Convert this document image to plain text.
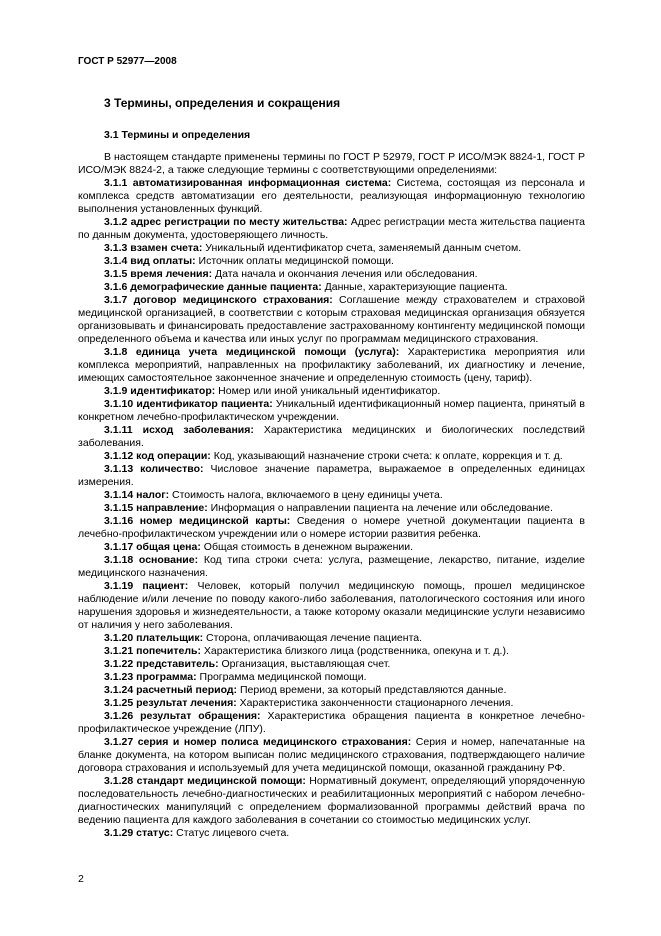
ГОСТ Р 52977—2008
3 Термины, определения и сокращения
3.1 Термины и определения

В настоящем стандарте применены термины по ГОСТ Р 52979, ГОСТ Р ИСО/МЭК 8824-1, ГОСТ Р ИСО/МЭК 8824-2, а также следующие термины с соответствующими определениями:

3.1.1 автоматизированная информационная система: Система, состоящая из персонала и комплекса средств автоматизации его деятельности, реализующая информационную технологию выполнения установленных функций.

3.1.2 адрес регистрации по месту жительства: Адрес регистрации места жительства пациента по данным документа, удостоверяющего личность.

3.1.3 взамен счета: Уникальный идентификатор счета, заменяемый данным счетом.

3.1.4 вид оплаты: Источник оплаты медицинской помощи.

3.1.5 время лечения: Дата начала и окончания лечения или обследования.

3.1.6 демографические данные пациента: Данные, характеризующие пациента.

3.1.7 договор медицинского страхования: Соглашение между страхователем и страховой медицинской организацией, в соответствии с которым страховая медицинская организация обязуется организовывать и финансировать предоставление застрахованному контингенту медицинской помощи определенного объема и качества или иных услуг по программам медицинского страхования.

3.1.8 единица учета медицинской помощи (услуга): Характеристика мероприятия или комплекса мероприятий, направленных на профилактику заболеваний, их диагностику и лечение, имеющих самостоятельное законченное значение и определенную стоимость (цену, тариф).

3.1.9 идентификатор: Номер или иной уникальный идентификатор.

3.1.10 идентификатор пациента: Уникальный идентификационный номер пациента, принятый в конкретном лечебно-профилактическом учреждении.

3.1.11 исход заболевания: Характеристика медицинских и биологических последствий заболевания.

3.1.12 код операции: Код, указывающий назначение строки счета: к оплате, коррекция и т. д.

3.1.13 количество: Числовое значение параметра, выражаемое в определенных единицах измерения.

3.1.14 налог: Стоимость налога, включаемого в цену единицы учета.

3.1.15 направление: Информация о направлении пациента на лечение или обследование.

3.1.16 номер медицинской карты: Сведения о номере учетной документации пациента в лечебно-профилактическом учреждении или о номере истории развития ребенка.

3.1.17 общая цена: Общая стоимость в денежном выражении.

3.1.18 основание: Код типа строки счета: услуга, размещение, лекарство, питание, изделие медицинского назначения.

3.1.19 пациент: Человек, который получил медицинскую помощь, прошел медицинское наблюдение и/или лечение по поводу какого-либо заболевания, патологического состояния или иного нарушения здоровья и жизнедеятельности, а также которому оказали медицинские услуги независимо от наличия у него заболевания.

3.1.20 плательщик: Сторона, оплачивающая лечение пациента.

3.1.21 попечитель: Характеристика близкого лица (родственника, опекуна и т. д.).

3.1.22 представитель: Организация, выставляющая счет.

3.1.23 программа: Программа медицинской помощи.

3.1.24 расчетный период: Период времени, за который представляются данные.

3.1.25 результат лечения: Характеристика законченности стационарного лечения.

3.1.26 результат обращения: Характеристика обращения пациента в конкретное лечебно-профилактическое учреждение (ЛПУ).

3.1.27 серия и номер полиса медицинского страхования: Серия и номер, напечатанные на бланке документа, на котором выписан полис медицинского страхования, подтверждающего наличие договора страхования и используемый для учета медицинской помощи, оказанной гражданину РФ.

3.1.28 стандарт медицинской помощи: Нормативный документ, определяющий упорядоченную последовательность лечебно-диагностических и реабилитационных мероприятий с набором лечебно-диагностических манипуляций с определением формализованной программы действий врача по ведению пациента для каждого заболевания в сочетании со стоимостью медицинских услуг.

3.1.29 статус: Статус лицевого счета.

2
